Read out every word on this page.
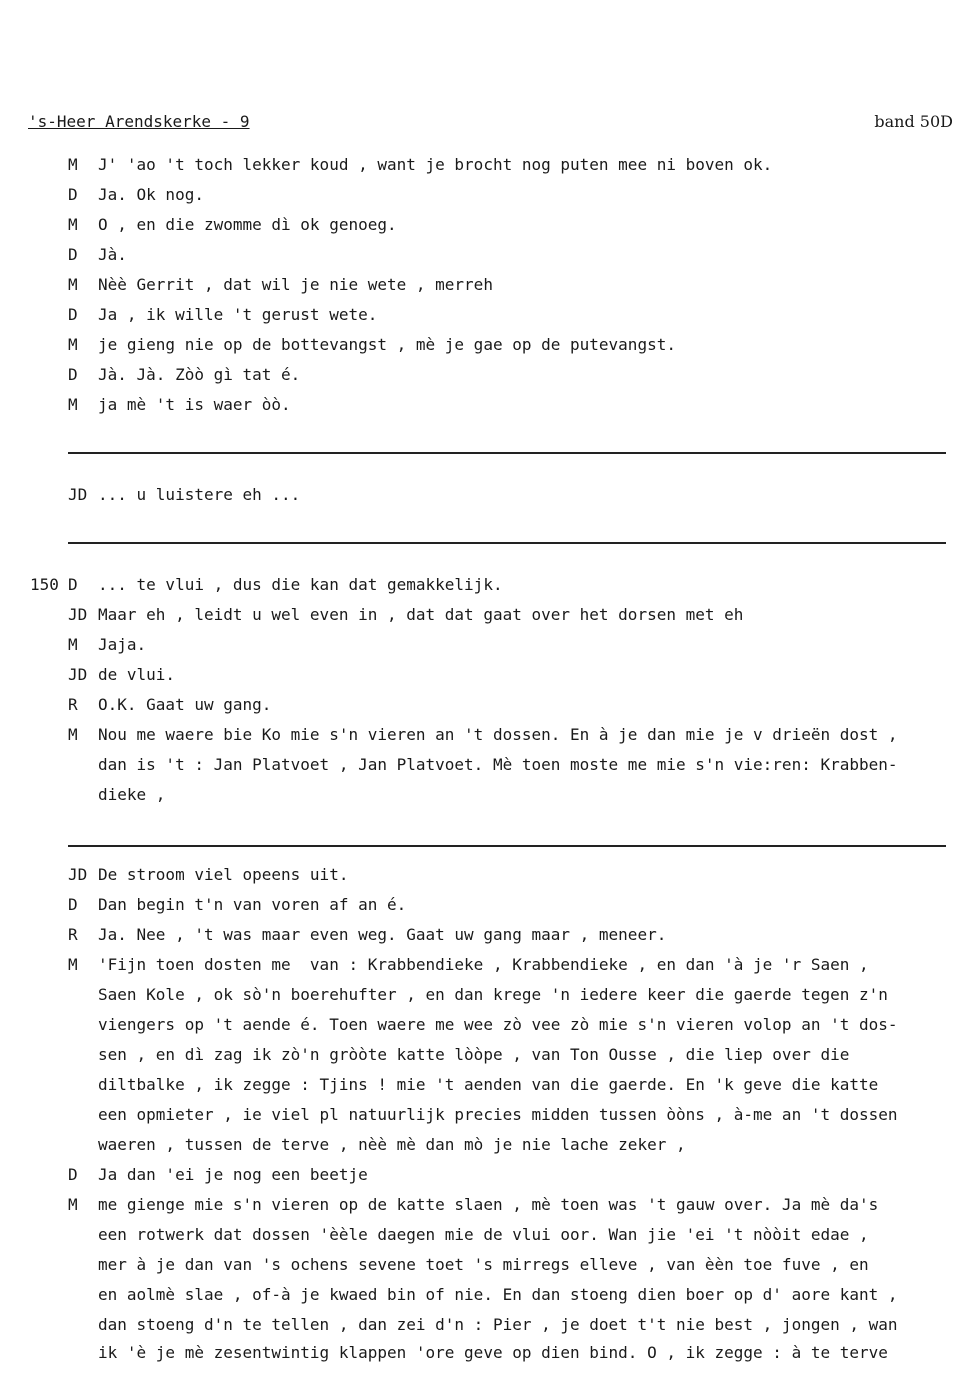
's-Heer Arendskerke - 9	band 50D
M	J' 'ao 't toch lekker koud , want je brocht nog puten mee ni boven ok.
D	Ja. Ok nog.
M	O , en die zwomme dì ok genoeg.
D	Jà.
M	Nèè Gerrit , dat wil je nie wete , merreh
D	Ja , ik wille 't gerust wete.
M	je gieng nie op de bottevangst , mè je gae op de putevangst.
D	Jà. Jà. Zòò gì tat é.
M	ja mè 't is waer òò.
JD ... u luistere eh ...
150 D	... te vlui , dus die kan dat gemakkelijk.
JD Maar eh , leidt u wel even in , dat dat gaat over het dorsen met eh
M	Jaja.
JD de vlui.
R	O.K. Gaat uw gang.
M	Nou me waere bie Ko mie s'n vieren an 't dossen. En à je dan mie je v drieën dost ,
dan is 't : Jan Platvoet , Jan Platvoet. Mè toen moste me mie s'n vie:ren: Krabben-
dieke ,
JD De stroom viel opeens uit.
D	Dan begin t'n van voren af an é.
R	Ja. Nee , 't was maar even weg. Gaat uw gang maar , meneer.
M	'Fijn toen dosten me  van : Krabbendieke , Krabbendieke , en dan 'à je 'r Saen ,
Saen Kole , ok sò'n boerehufter , en dan krege 'n iedere keer die gaerde tegen z'n
viengers op 't aende é. Toen waere me wee zò vee zò mie s'n vieren volop an 't dos-
sen , en dì zag ik zò'n gròòte katte lòòpe , van Ton Ousse , die liep over die
diltbalke , ik zegge : Tjins ! mie 't aenden van die gaerde. En 'k geve die katte
een opmieter , ie viel pl natuurlijk precies midden tussen òòns , à-me an 't dossen
waeren , tussen de terve , nèè mè dan mò je nie lache zeker ,
D	Ja dan 'ei je nog een beetje
M	me gienge mie s'n vieren op de katte slaen , mè toen was 't gauw over. Ja mè da's
een rotwerk dat dossen 'èèle daegen mie de vlui oor. Wan jie 'ei 't nòòit edae ,
mer à je dan van 's ochens sevene toet 's mirregs elleve , van èèn toe fuve , en
en aolmè slae , of-à je kwaed bin of nie. En dan stoeng dien boer op d' aore kant ,
dan stoeng d'n te tellen , dan zei d'n : Pier , je doet t't nie best , jongen , wan
ik 'è je mè zesentwintig klappen 'ore geve op dien bind. O , ik zegge : à te terve
